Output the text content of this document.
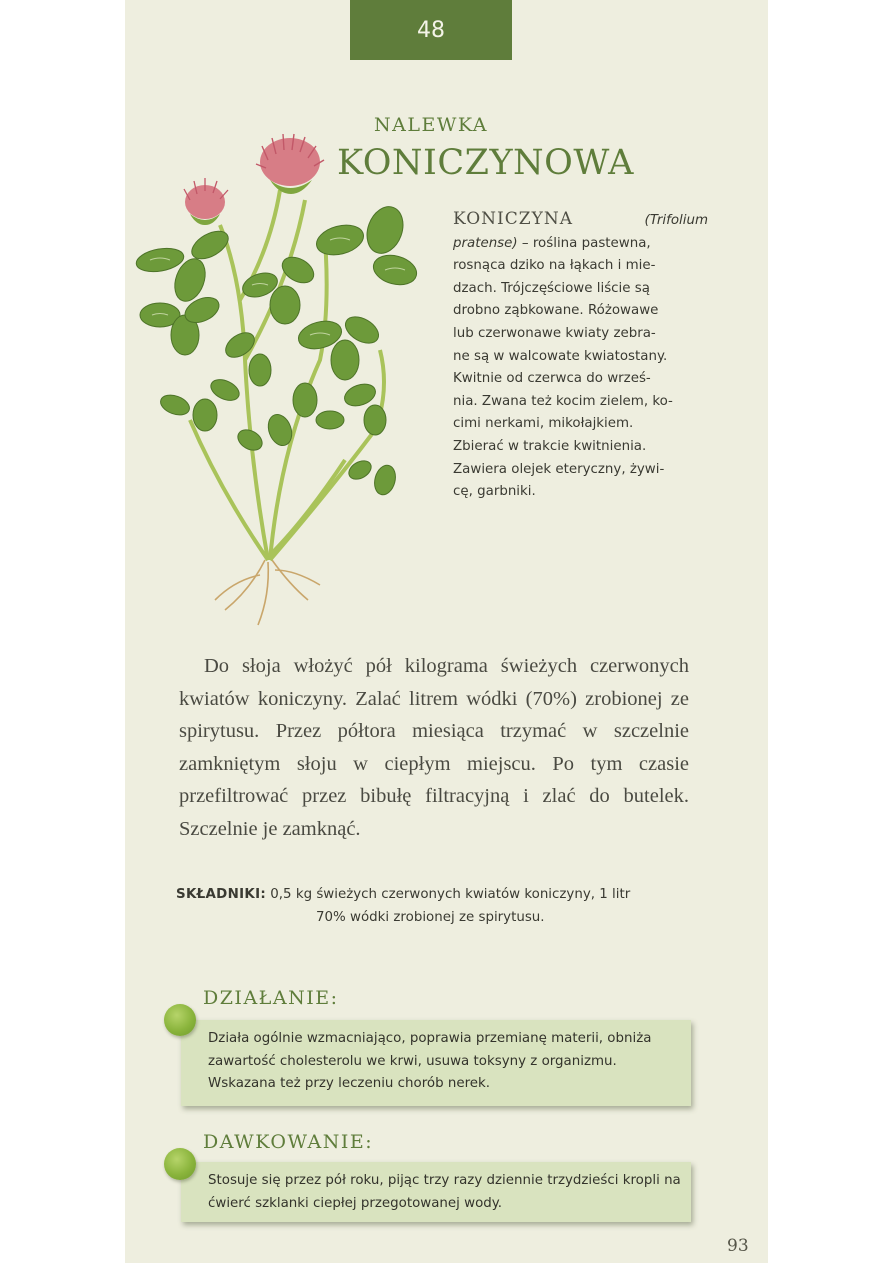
48
NALEWKA
KONICZYNOWA
KONICZYNA	(Trifolium pratense) – roślina pastewna,
rosnąca dziko na łąkach i mie-
dzach. Trójczęściowe liście są
drobno ząbkowane. Różowawe
lub czerwonawe kwiaty zebra-
ne są w walcowate kwiatostany.
Kwitnie od czerwca do wrześ-
nia. Zwana też kocim zielem, ko-
cimi nerkami, mikołajkiem.
Zbierać w trakcie kwitnienia.
Zawiera olejek eteryczny, żywi-
cę, garbniki.
Do słoja włożyć pół kilograma świeżych czerwonych kwiatów koniczyny. Zalać litrem wódki (70%) zrobionej ze spirytusu. Przez półtora miesiąca trzymać w szczelnie zamkniętym słoju w ciepłym miejscu. Po tym czasie przefiltrować przez bibułę filtracyjną i zlać do butelek. Szczelnie je zamknąć.
SKŁADNIKI: 0,5 kg świeżych czerwonych kwiatów koniczyny, 1 litr
70% wódki zrobionej ze spirytusu.
DZIAŁANIE:
Działa ogólnie wzmacniająco, poprawia przemianę materii, obniża zawartość cholesterolu we krwi, usuwa toksyny z organizmu. Wskazana też przy leczeniu chorób nerek.
DAWKOWANIE:
Stosuje się przez pół roku, pijąc trzy razy dziennie trzydzieści kropli na ćwierć szklanki ciepłej przegotowanej wody.
93
